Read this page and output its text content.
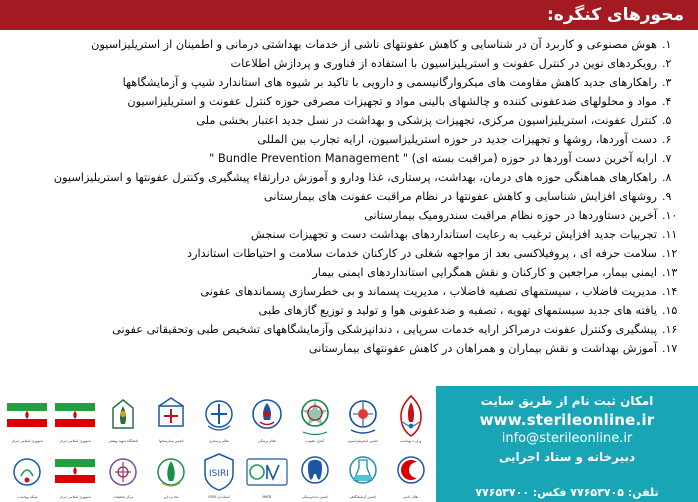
محورهای کنگره:
۱.
هوش مصنوعی و کاربرد آن در شناسایی و کاهش عفونتهای ناشی از خدمات بهداشتی درمانی و اطمینان از استریلیزاسیون
۲.
رویکردهای نوین در کنترل عفونت و استریلیزاسیون با استفاده از فناوری و پردازش اطلاعات
۳.
راهکارهای جدید کاهش مقاومت های میکروارگانیسمی و دارویی با تاکید بر شیوه های استاندارد شیپ و آزمایشگاهها
۴.
مواد و محلولهای ضدعفونی کننده و چالشهای بالینی مواد و تجهیزات مصرفی حوزه کنترل عفونت و استریلیزاسیون
۵.
کنترل عفونت، استریلیزاسیون مرکزی، تجهیزات پزشکی و بهداشت در نسل جدید اعتبار بخشی ملی
۶.
دست آوردها، روشها و تجهیزات جدید در حوزه استریلیزاسیون، ارایه تجارب بین المللی
۷.
ارایه آخرین دست آوردها در حوزه (مراقبت بسته ای) " Bundle Prevention Management "
۸.
راهکارهای هماهنگی حوزه های درمان، بهداشت، پرستاری، غذا ودارو و آموزش درارتقاء پیشگیری وکنترل عفونتها و استریلیزاسیون
۹.
روشهای افزایش شناسایی و کاهش عفونتها در نظام مراقبت عفونت های بیمارستانی
۱۰.
آخرین دستاوردها در حوزه نظام مراقبت سندرومیک بیمارستانی
۱۱.
تجربیات جدید افزایش ترغیب به رعایت استانداردهای بهداشت دست و تجهیزات سنجش
۱۲.
سلامت حرفه ای ، پروفیلاکسی بعد از مواجهه شغلی در کارکنان خدمات سلامت و احتیاطات استاندارد
۱۳.
ایمنی بیمار، مراجعین و کارکنان و نقش همگرایی استانداردهای ایمنی بیمار
۱۴.
مدیریت فاضلاب ، سیستمهای تصفیه فاضلاب ، مدیریت پسماند و بی خطرسازی پسماندهای عفونی
۱۵.
یافته های جدید سیستمهای تهویه ، تصفیه و ضدعفونی هوا و تولید و توزیع گازهای طبی
۱۶.
پیشگیری وکنترل عفونت درمراکز ارایه خدمات سرپایی ، دندانپزشکی وآزمایشگاههای تشخیص طبی وتحقیقاتی عفونی
۱۷.
آموزش بهداشت و نقش بیماران و همراهان در کاهش عفونتهای بیمارستانی
وزارت بهداشت
انجمن استریلیزاسیون
کنترل عفونت
نظام پزشکی
نظام پرستاری
انجمن بیمارستانها
دانشگاه شهید بهشتی
جمهوری اسلامی ایران
جمهوری اسلامی ایران
هلال احمر
انجمن آزمایشگاهی
انجمن دندانپزشکی
IMED
ISIRI
استاندارد ISIRI
غذا و دارو
مرکز تحقیقات
جمهوری اسلامی ایران
شبکه بهداشت
امکان ثبت نام از طریق سایت
www.sterileonline.ir
info@sterileonline.ir
دبیرخانه و ستاد اجرایی
تلفن: ۷۷۶۵۳۷۰۵ فکس: ۷۷۶۵۳۷۰۰
